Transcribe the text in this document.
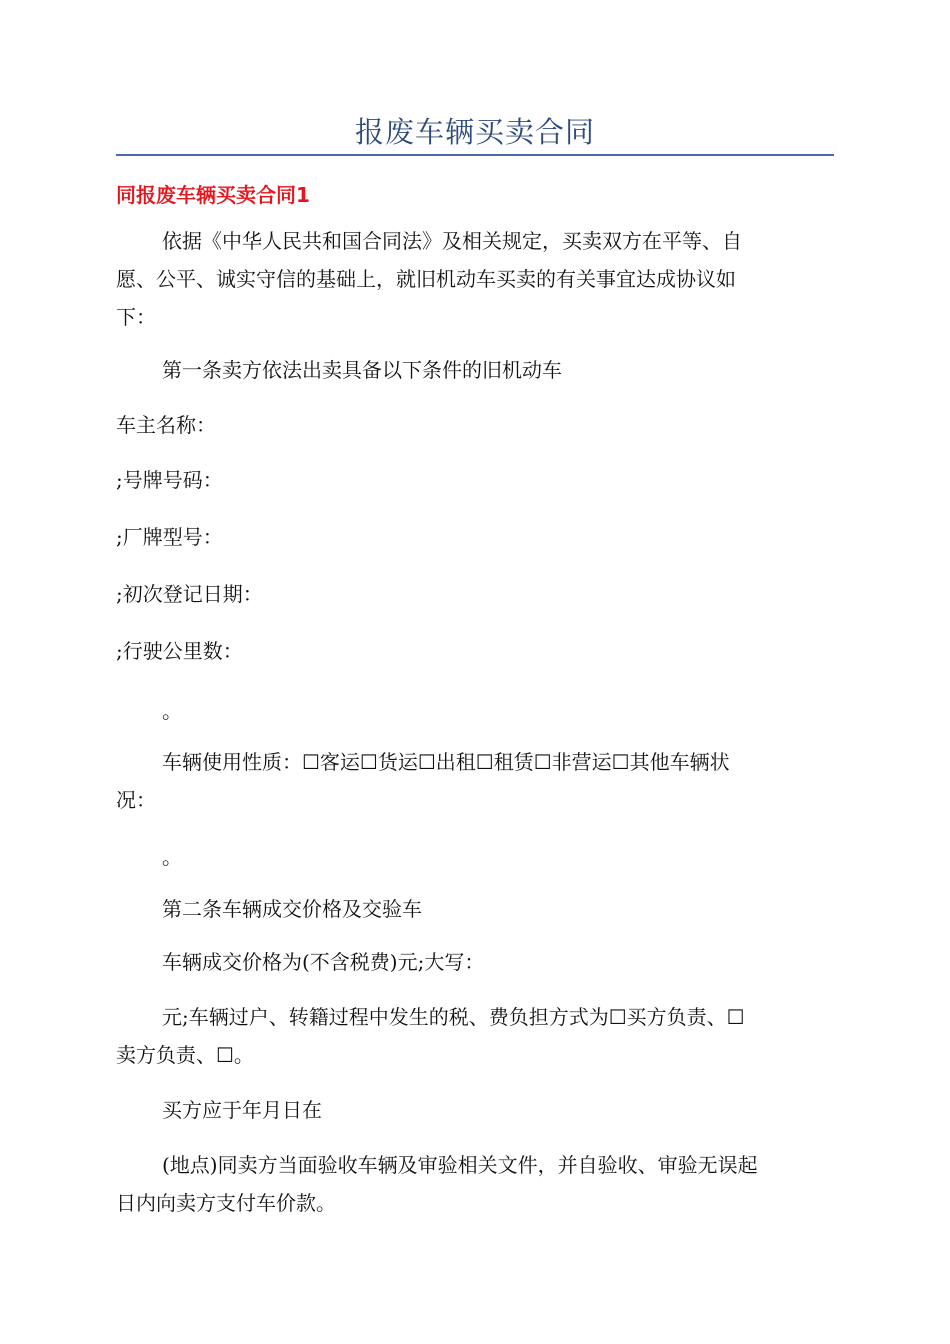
报废车辆买卖合同
同报废车辆买卖合同1
依据《中华人民共和国合同法》及相关规定，买卖双方在平等、自
愿、公平、诚实守信的基础上，就旧机动车买卖的有关事宜达成协议如
下：
第一条卖方依法出卖具备以下条件的旧机动车
车主名称：
;号牌号码：
;厂牌型号：
;初次登记日期：
;行驶公里数：
。
车辆使用性质：☐客运☐货运☐出租☐租赁☐非营运☐其他车辆状
况：
。
第二条车辆成交价格及交验车
车辆成交价格为(不含税费)元;大写：
元;车辆过户、转籍过程中发生的税、费负担方式为☐买方负责、☐
卖方负责、☐。
买方应于年月日在
(地点)同卖方当面验收车辆及审验相关文件，并自验收、审验无误起
日内向卖方支付车价款。
